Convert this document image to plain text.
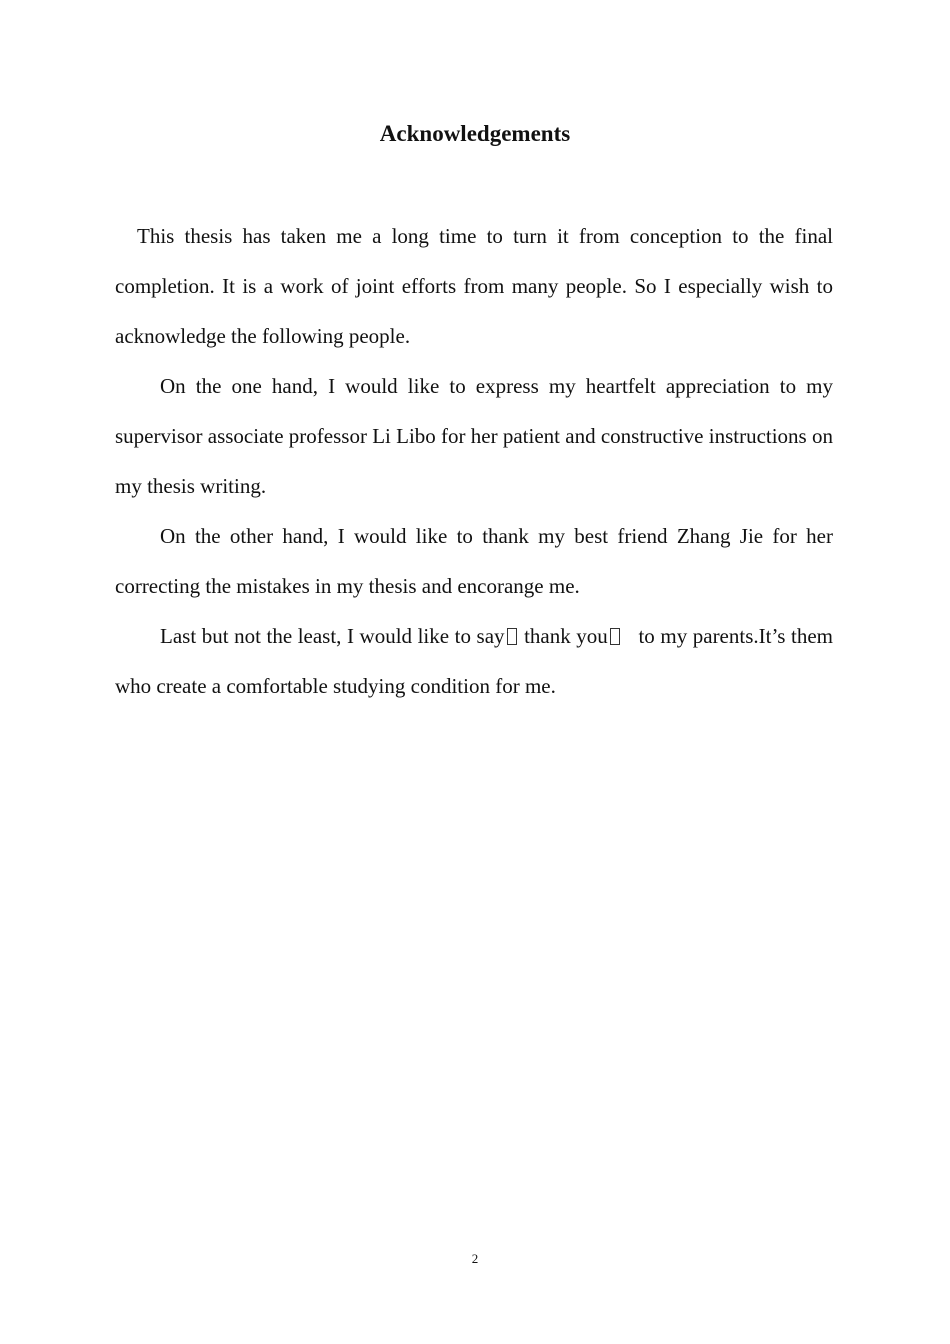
Acknowledgements

This thesis has taken me a long time to turn it from conception to the final completion. It is a work of joint efforts from many people. So I especially wish to acknowledge the following people.

On the one hand, I would like to express my heartfelt appreciation to my supervisor associate professor Li Libo for her patient and constructive instructions on my thesis writing.

On the other hand, I would like to thank my best friend Zhang Jie for her correcting the mistakes in my thesis and encorange me.

Last but not the least, I would like to say thank you to my parents.It’s them who create a comfortable studying condition for me.

2
